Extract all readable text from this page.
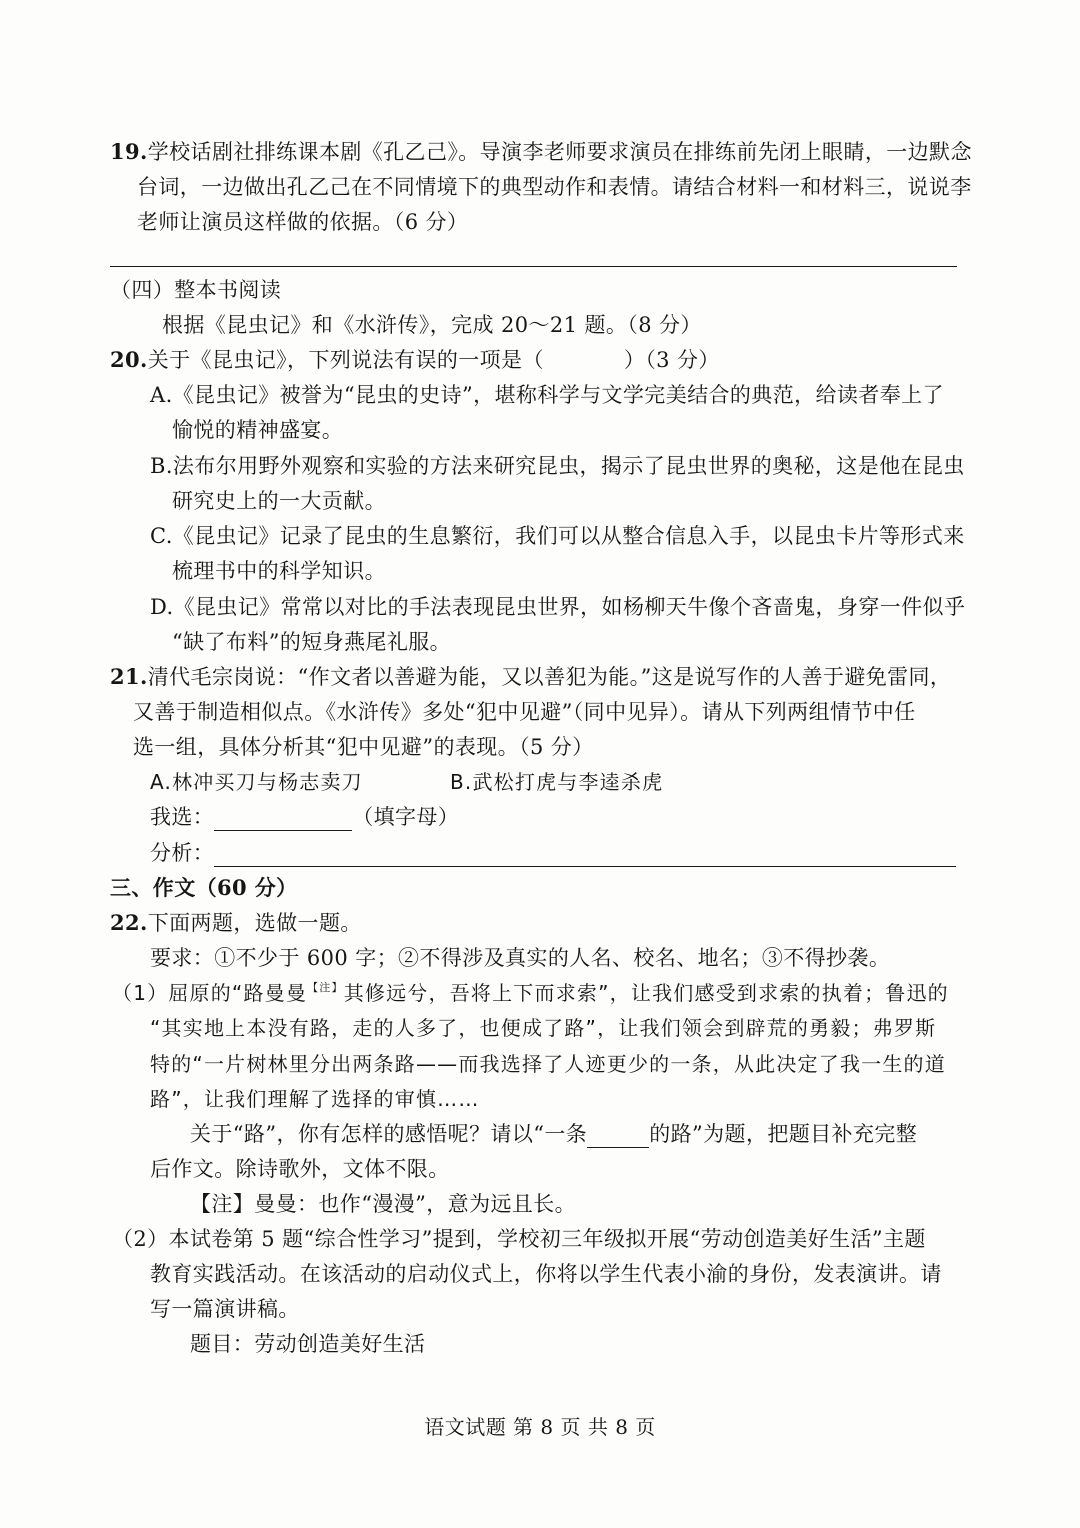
19.学校话剧社排练课本剧《孔乙己》。导演李老师要求演员在排练前先闭上眼睛，一边默念
台词，一边做出孔乙己在不同情境下的典型动作和表情。请结合材料一和材料三，说说李
老师让演员这样做的依据。（6 分）
（四）整本书阅读
根据《昆虫记》和《水浒传》，完成 20～21 题。（8 分）
20.关于《昆虫记》，下列说法有误的一项是（	）（3 分）
A.《昆虫记》被誉为“昆虫的史诗”，堪称科学与文学完美结合的典范，给读者奉上了
愉悦的精神盛宴。
B.法布尔用野外观察和实验的方法来研究昆虫，揭示了昆虫世界的奥秘，这是他在昆虫
研究史上的一大贡献。
C.《昆虫记》记录了昆虫的生息繁衍，我们可以从整合信息入手，以昆虫卡片等形式来
梳理书中的科学知识。
D.《昆虫记》常常以对比的手法表现昆虫世界，如杨柳天牛像个吝啬鬼，身穿一件似乎
“缺了布料”的短身燕尾礼服。
21.清代毛宗岗说：“作文者以善避为能，又以善犯为能。”这是说写作的人善于避免雷同，
又善于制造相似点。《水浒传》多处“犯中见避”（同中见异）。请从下列两组情节中任
选一组，具体分析其“犯中见避”的表现。（5 分）
A.林冲买刀与杨志卖刀	B.武松打虎与李逵杀虎
我选：	（填字母）
分析：
三、作文（60 分）
22.下面两题，选做一题。
要求：①不少于 600 字；②不得涉及真实的人名、校名、地名；③不得抄袭。
（1）屈原的“路曼曼$^{【注】}$其修远兮，吾将上下而求索”，让我们感受到求索的执着；鲁迅的
“其实地上本没有路，走的人多了，也便成了路”，让我们领会到辟荒的勇毅；弗罗斯
特的“一片树林里分出两条路——而我选择了人迹更少的一条，从此决定了我一生的道
路”，让我们理解了选择的审慎……
关于“路”，你有怎样的感悟呢？请以“一条	的路”为题，把题目补充完整
后作文。除诗歌外，文体不限。
【注】曼曼：也作“漫漫”，意为远且长。
（2）本试卷第 5 题“综合性学习”提到，学校初三年级拟开展“劳动创造美好生活”主题
教育实践活动。在该活动的启动仪式上，你将以学生代表小渝的身份，发表演讲。请
写一篇演讲稿。
题目：劳动创造美好生活
语文试题 第 8 页 共 8 页
